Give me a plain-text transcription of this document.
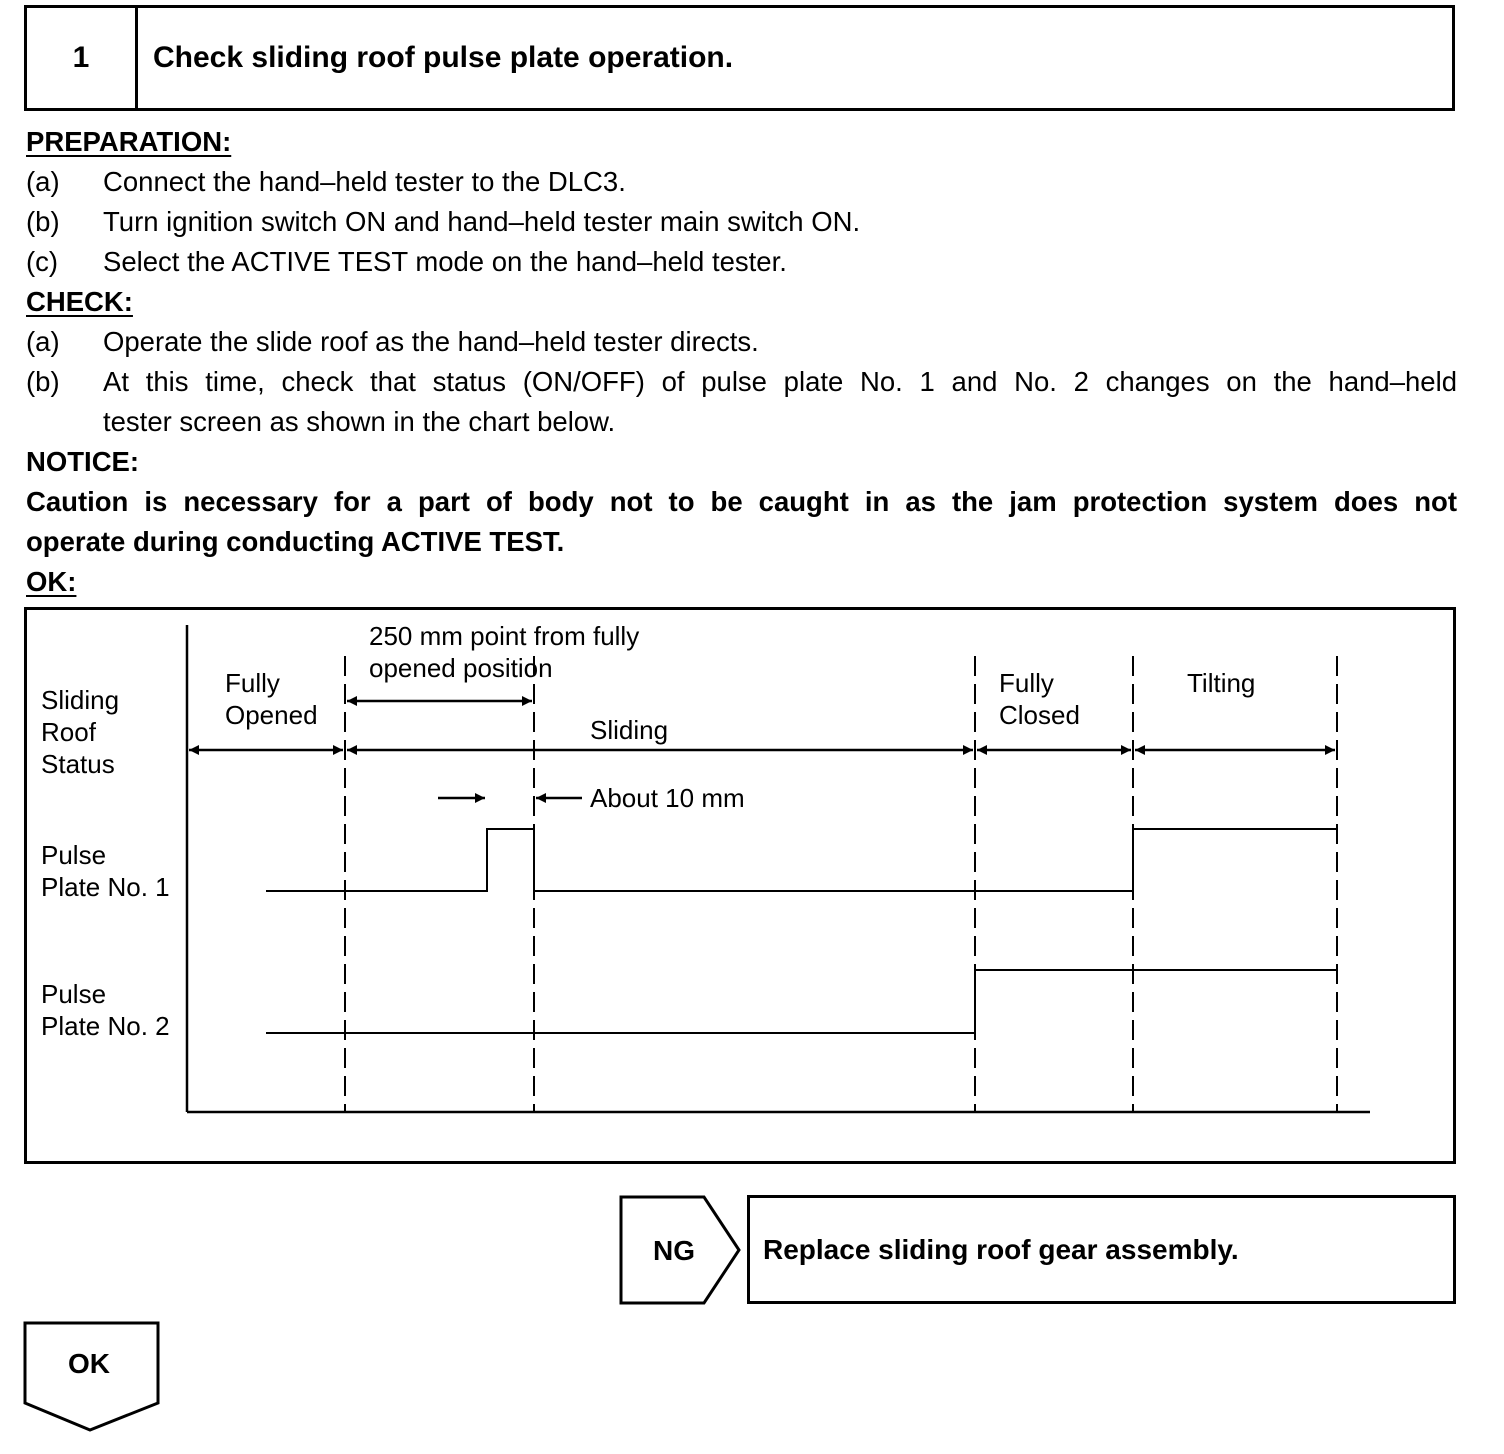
1	Check sliding roof pulse plate operation.
PREPARATION:
(a) Connect the hand–held tester to the DLC3.
(b) Turn ignition switch ON and hand–held tester main switch ON.
(c) Select the ACTIVE TEST mode on the hand–held tester.
CHECK:
(a) Operate the slide roof as the hand–held tester directs.
(b) At this time, check that status (ON/OFF) of pulse plate No. 1 and No. 2 changes on the hand–held
tester screen as shown in the chart below.
NOTICE:
Caution is necessary for a part of body not to be caught in as the jam protection system does not
operate during conducting ACTIVE TEST.
OK:
Sliding
Roof
Status
Pulse
Plate No. 1
Pulse
Plate No. 2
Fully
Opened
250 mm point from fully
opened position
Sliding
Fully
Closed
Tilting
About 10 mm
NG	Replace sliding roof gear assembly.
OK
